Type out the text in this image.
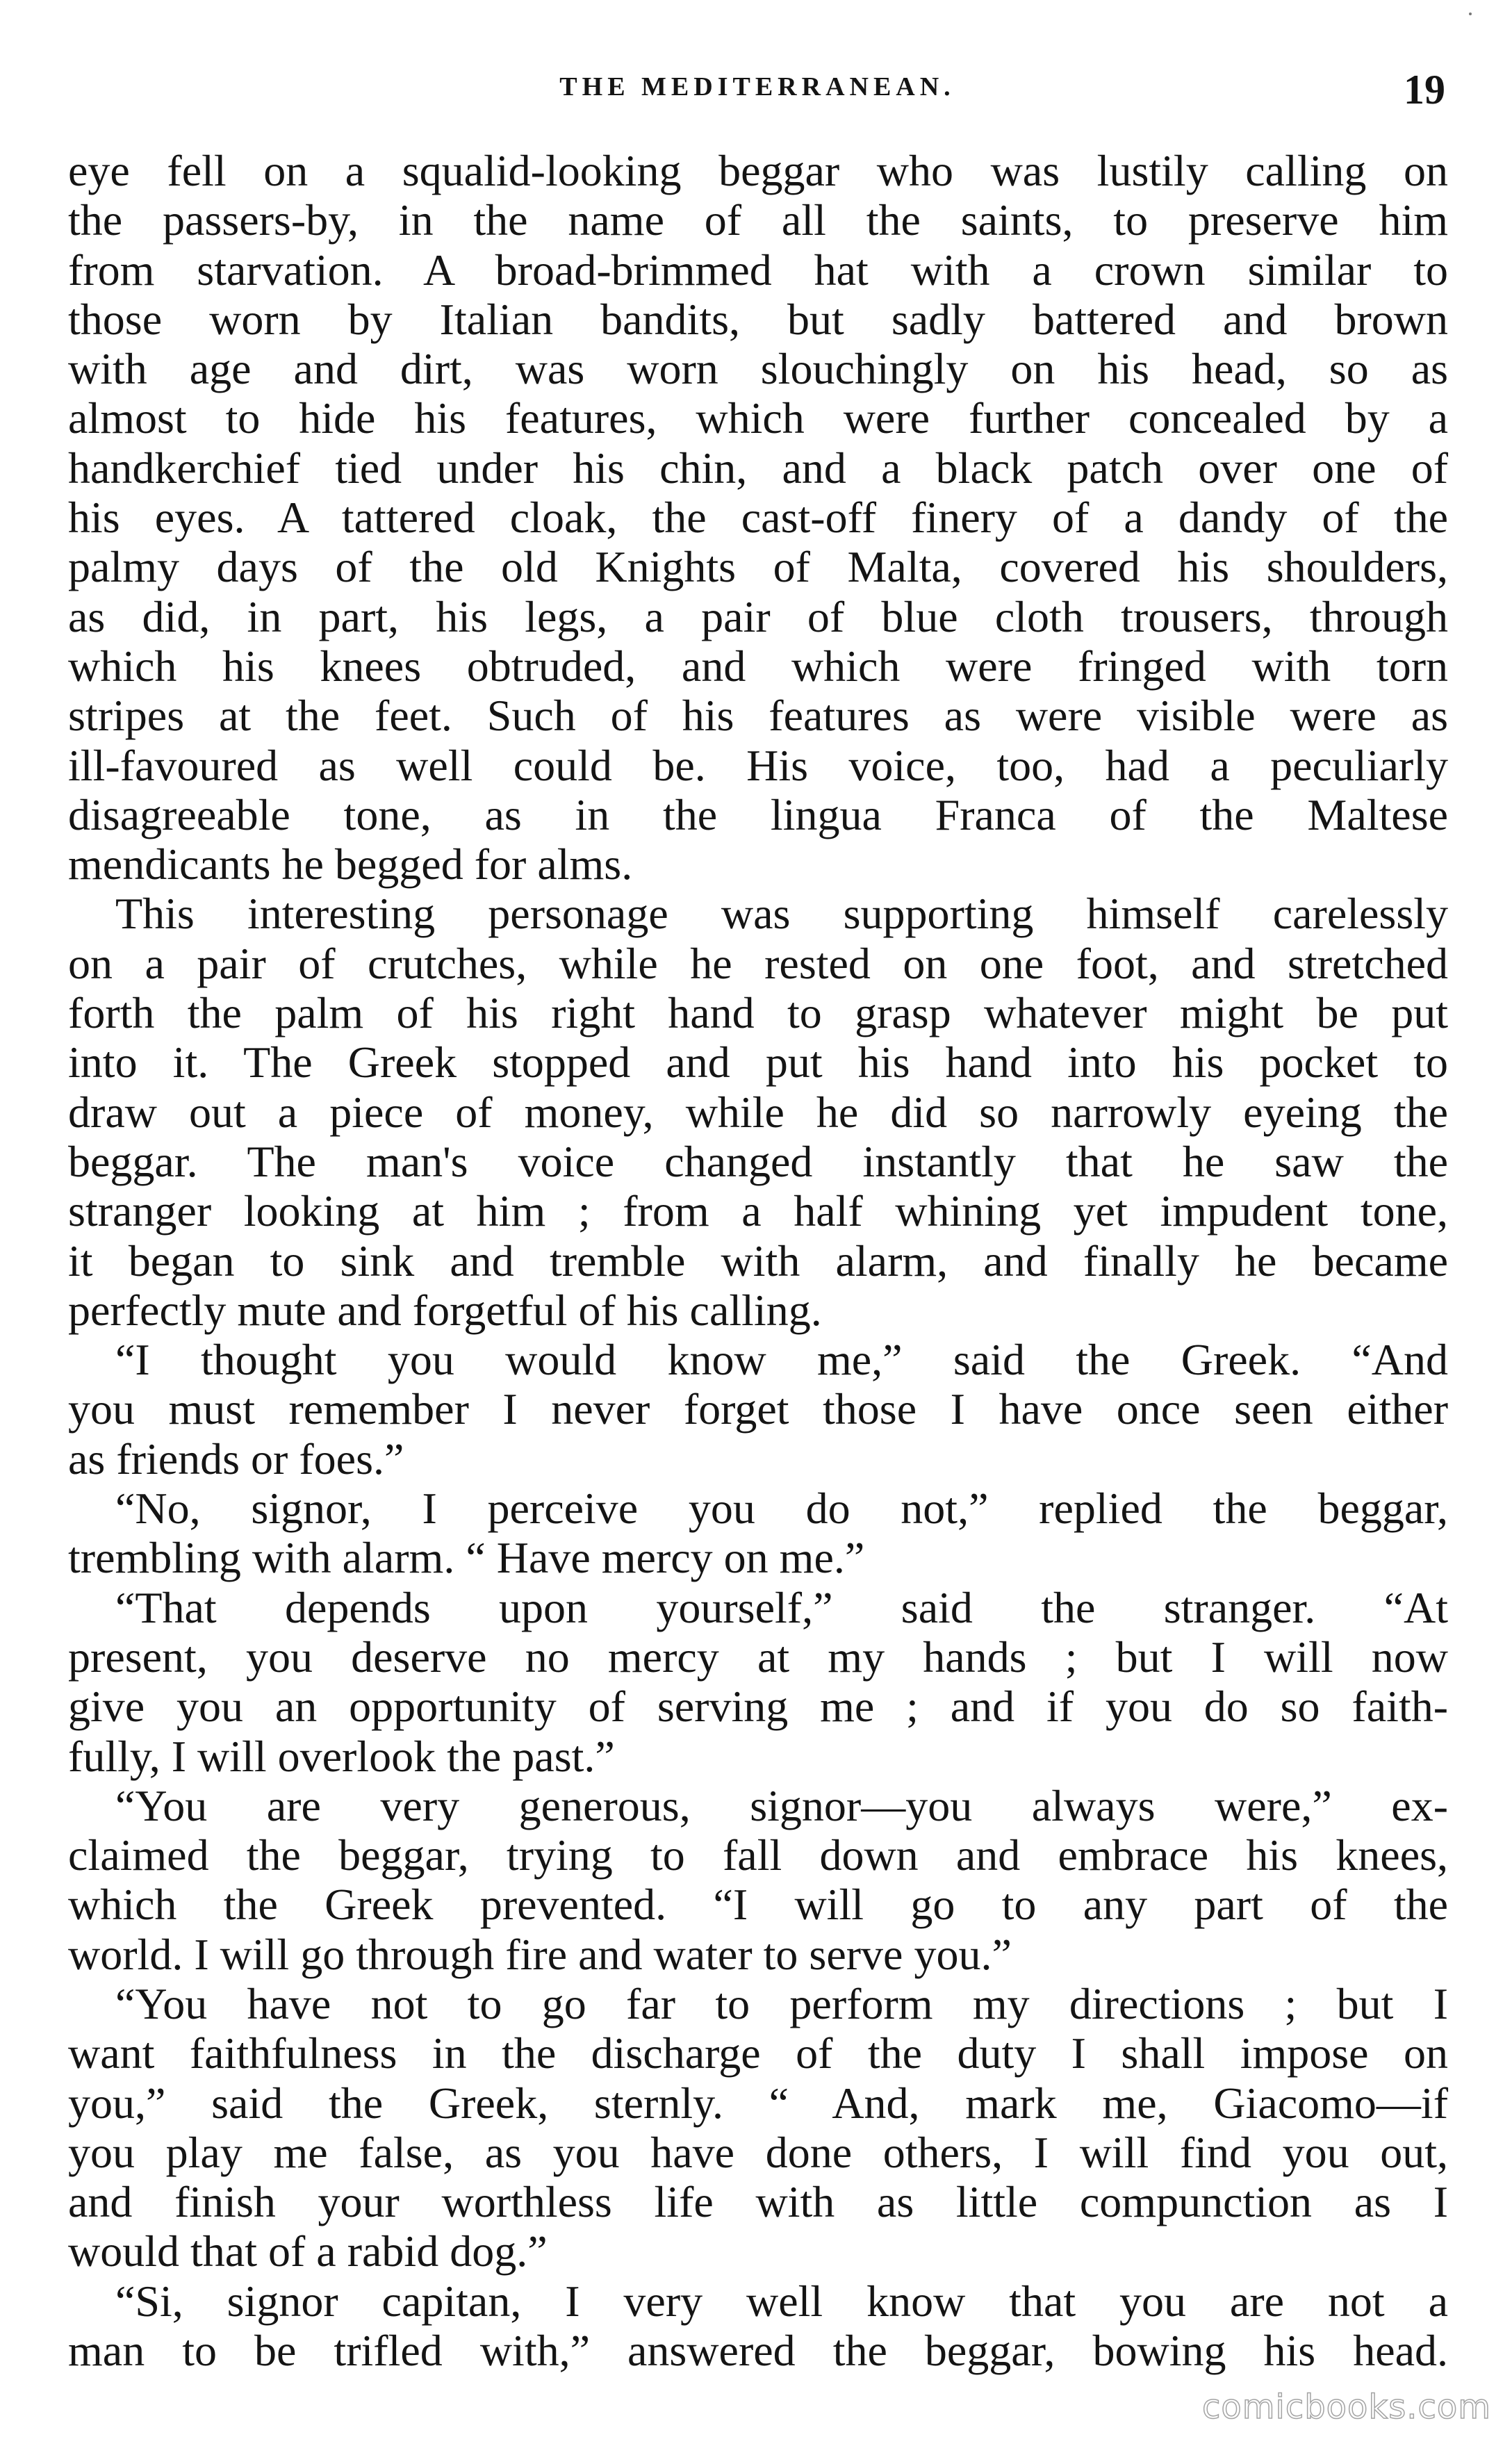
THE MEDITERRANEAN.	19
eye fell on a squalid-looking beggar who was lustily calling on
the passers-by, in the name of all the saints, to preserve him
from starvation. A broad-brimmed hat with a crown similar to
those worn by Italian bandits, but sadly battered and brown
with age and dirt, was worn slouchingly on his head, so as
almost to hide his features, which were further concealed by a
handkerchief tied under his chin, and a black patch over one of
his eyes. A tattered cloak, the cast-off finery of a dandy of the
palmy days of the old Knights of Malta, covered his shoulders,
as did, in part, his legs, a pair of blue cloth trousers, through
which his knees obtruded, and which were fringed with torn
stripes at the feet. Such of his features as were visible were as
ill-favoured as well could be. His voice, too, had a peculiarly
disagreeable tone, as in the lingua Franca of the Maltese
mendicants he begged for alms.
This interesting personage was supporting himself carelessly
on a pair of crutches, while he rested on one foot, and stretched
forth the palm of his right hand to grasp whatever might be put
into it. The Greek stopped and put his hand into his pocket to
draw out a piece of money, while he did so narrowly eyeing the
beggar. The man's voice changed instantly that he saw the
stranger looking at him ; from a half whining yet impudent tone,
it began to sink and tremble with alarm, and finally he became
perfectly mute and forgetful of his calling.
“I thought you would know me,” said the Greek. “And
you must remember I never forget those I have once seen either
as friends or foes.”
“No, signor, I perceive you do not,” replied the beggar,
trembling with alarm. “ Have mercy on me.”
“That depends upon yourself,” said the stranger. “At
present, you deserve no mercy at my hands ; but I will now
give you an opportunity of serving me ; and if you do so faith-
fully, I will overlook the past.”
“You are very generous, signor—you always were,” ex-
claimed the beggar, trying to fall down and embrace his knees,
which the Greek prevented. “I will go to any part of the
world. I will go through fire and water to serve you.”
“You have not to go far to perform my directions ; but I
want faithfulness in the discharge of the duty I shall impose on
you,” said the Greek, sternly. “ And, mark me, Giacomo—if
you play me false, as you have done others, I will find you out,
and finish your worthless life with as little compunction as I
would that of a rabid dog.”
“Si, signor capitan, I very well know that you are not a
man to be trifled with,” answered the beggar, bowing his head.
comicbooks.com
